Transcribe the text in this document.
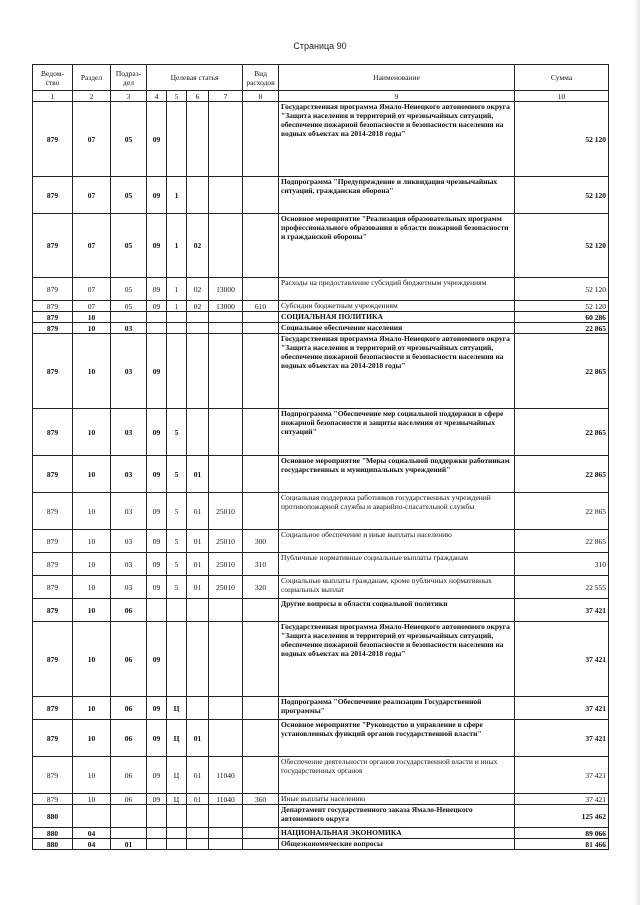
Страница 90
Ведом-ство	Раздел	Подраз-дел	Целевая статья				Вид расходов	Наименование	Сумма
1	2	3	4	5	6	7	8	9	10
879	07	05	09					Государственная программа Ямало-Ненецкого автономного округа "Защита населения и территорий от чрезвычайных ситуаций, обеспечение пожарной безопасности и безопасности населения на водных объектах на 2014-2018 годы"	52 120
879	07	05	09	1				Подпрограмма "Предупреждение и ликвидация чрезвычайных ситуаций, гражданская оборона"	52 120
879	07	05	09	1	02			Основное мероприятие "Реализация образовательных программ профессионального образования в области пожарной безопасности и гражданской обороны"	52 120
879	07	05	09	1	02	13000		Расходы на предоставление субсидий бюджетным учреждениям	52 120
879	07	05	09	1	02	13000	610	Субсидии бюджетным учреждениям	52 120
879	10							СОЦИАЛЬНАЯ ПОЛИТИКА	60 286
879	10	03						Социальное обеспечение населения	22 865
879	10	03	09					Государственная программа Ямало-Ненецкого автономного округа "Защита населения и территорий от чрезвычайных ситуаций, обеспечение пожарной безопасности и безопасности населения на водных объектах на 2014-2018 годы"	22 865
879	10	03	09	5				Подпрограмма "Обеспечение мер социальной поддержки в сфере пожарной безопасности и защиты населения от чрезвычайных ситуаций"	22 865
879	10	03	09	5	01			Основное мероприятие "Меры социальной поддержки работникам государственных и муниципальных учреждений"	22 865
879	10	03	09	5	01	25010		Социальная поддержка работников государственных учреждений противопожарной службы и аварийно-спасательной службы	22 865
879	10	03	09	5	01	25010	300	Социальное обеспечение и иные выплаты населению	22 865
879	10	03	09	5	01	25010	310	Публичные нормативные социальные выплаты гражданам	310
879	10	03	09	5	01	25010	320	Социальные выплаты гражданам, кроме публичных нормативных социальных выплат	22 555
879	10	06						Другие вопросы в области социальной политики	37 421
879	10	06	09					Государственная программа Ямало-Ненецкого автономного округа "Защита населения и территорий от чрезвычайных ситуаций, обеспечение пожарной безопасности и безопасности населения на водных объектах на 2014-2018 годы"	37 421
879	10	06	09	Ц				Подпрограмма "Обеспечение реализации Государственной программы"	37 421
879	10	06	09	Ц	01			Основное мероприятие "Руководство и управление в сфере установленных функций органов государственной власти"	37 421
879	10	06	09	Ц	01	11040		Обеспечение деятельности органов государственной власти и иных государственных органов	37 421
879	10	06	09	Ц	01	11040	360	Иные выплаты населению	37 421
880								Департамент государственного заказа Ямало-Ненецкого автономного округа	125 462
880	04							НАЦИОНАЛЬНАЯ ЭКОНОМИКА	89 066
880	04	01						Общеэкономические вопросы	81 466
